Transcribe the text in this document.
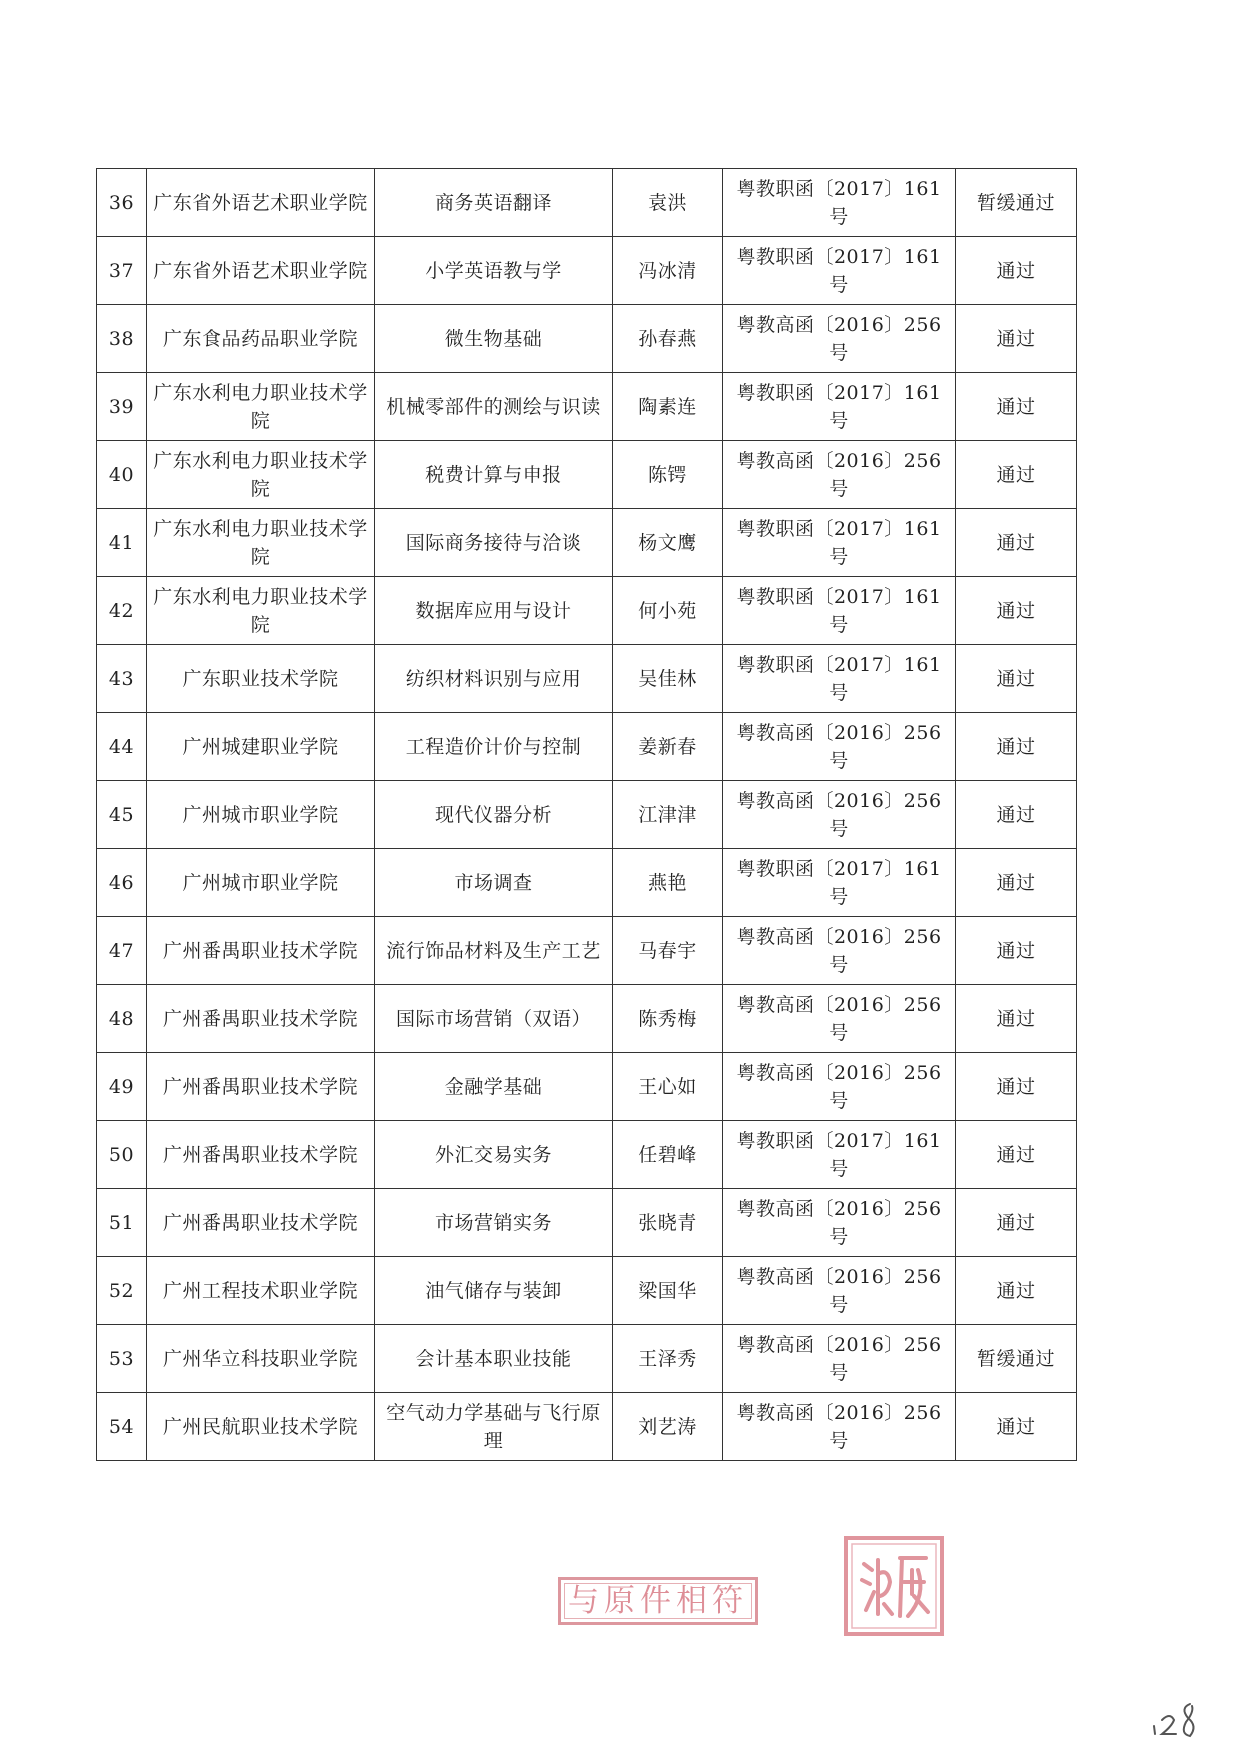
36	广东省外语艺术职业学院	商务英语翻译	袁洪	粤教职函〔2017〕161号	暂缓通过
37	广东省外语艺术职业学院	小学英语教与学	冯冰清	粤教职函〔2017〕161号	通过
38	广东食品药品职业学院	微生物基础	孙春燕	粤教高函〔2016〕256号	通过
39	广东水利电力职业技术学院	机械零部件的测绘与识读	陶素连	粤教职函〔2017〕161号	通过
40	广东水利电力职业技术学院	税费计算与申报	陈锷	粤教高函〔2016〕256号	通过
41	广东水利电力职业技术学院	国际商务接待与洽谈	杨文鹰	粤教职函〔2017〕161号	通过
42	广东水利电力职业技术学院	数据库应用与设计	何小苑	粤教职函〔2017〕161号	通过
43	广东职业技术学院	纺织材料识别与应用	吴佳林	粤教职函〔2017〕161号	通过
44	广州城建职业学院	工程造价计价与控制	姜新春	粤教高函〔2016〕256号	通过
45	广州城市职业学院	现代仪器分析	江津津	粤教高函〔2016〕256号	通过
46	广州城市职业学院	市场调查	燕艳	粤教职函〔2017〕161号	通过
47	广州番禺职业技术学院	流行饰品材料及生产工艺	马春宇	粤教高函〔2016〕256号	通过
48	广州番禺职业技术学院	国际市场营销（双语）	陈秀梅	粤教高函〔2016〕256号	通过
49	广州番禺职业技术学院	金融学基础	王心如	粤教高函〔2016〕256号	通过
50	广州番禺职业技术学院	外汇交易实务	任碧峰	粤教职函〔2017〕161号	通过
51	广州番禺职业技术学院	市场营销实务	张晓青	粤教高函〔2016〕256号	通过
52	广州工程技术职业学院	油气储存与装卸	梁国华	粤教高函〔2016〕256号	通过
53	广州华立科技职业学院	会计基本职业技能	王泽秀	粤教高函〔2016〕256号	暂缓通过
54	广州民航职业技术学院	空气动力学基础与飞行原理	刘艺涛	粤教高函〔2016〕256号	通过
与原件相符
